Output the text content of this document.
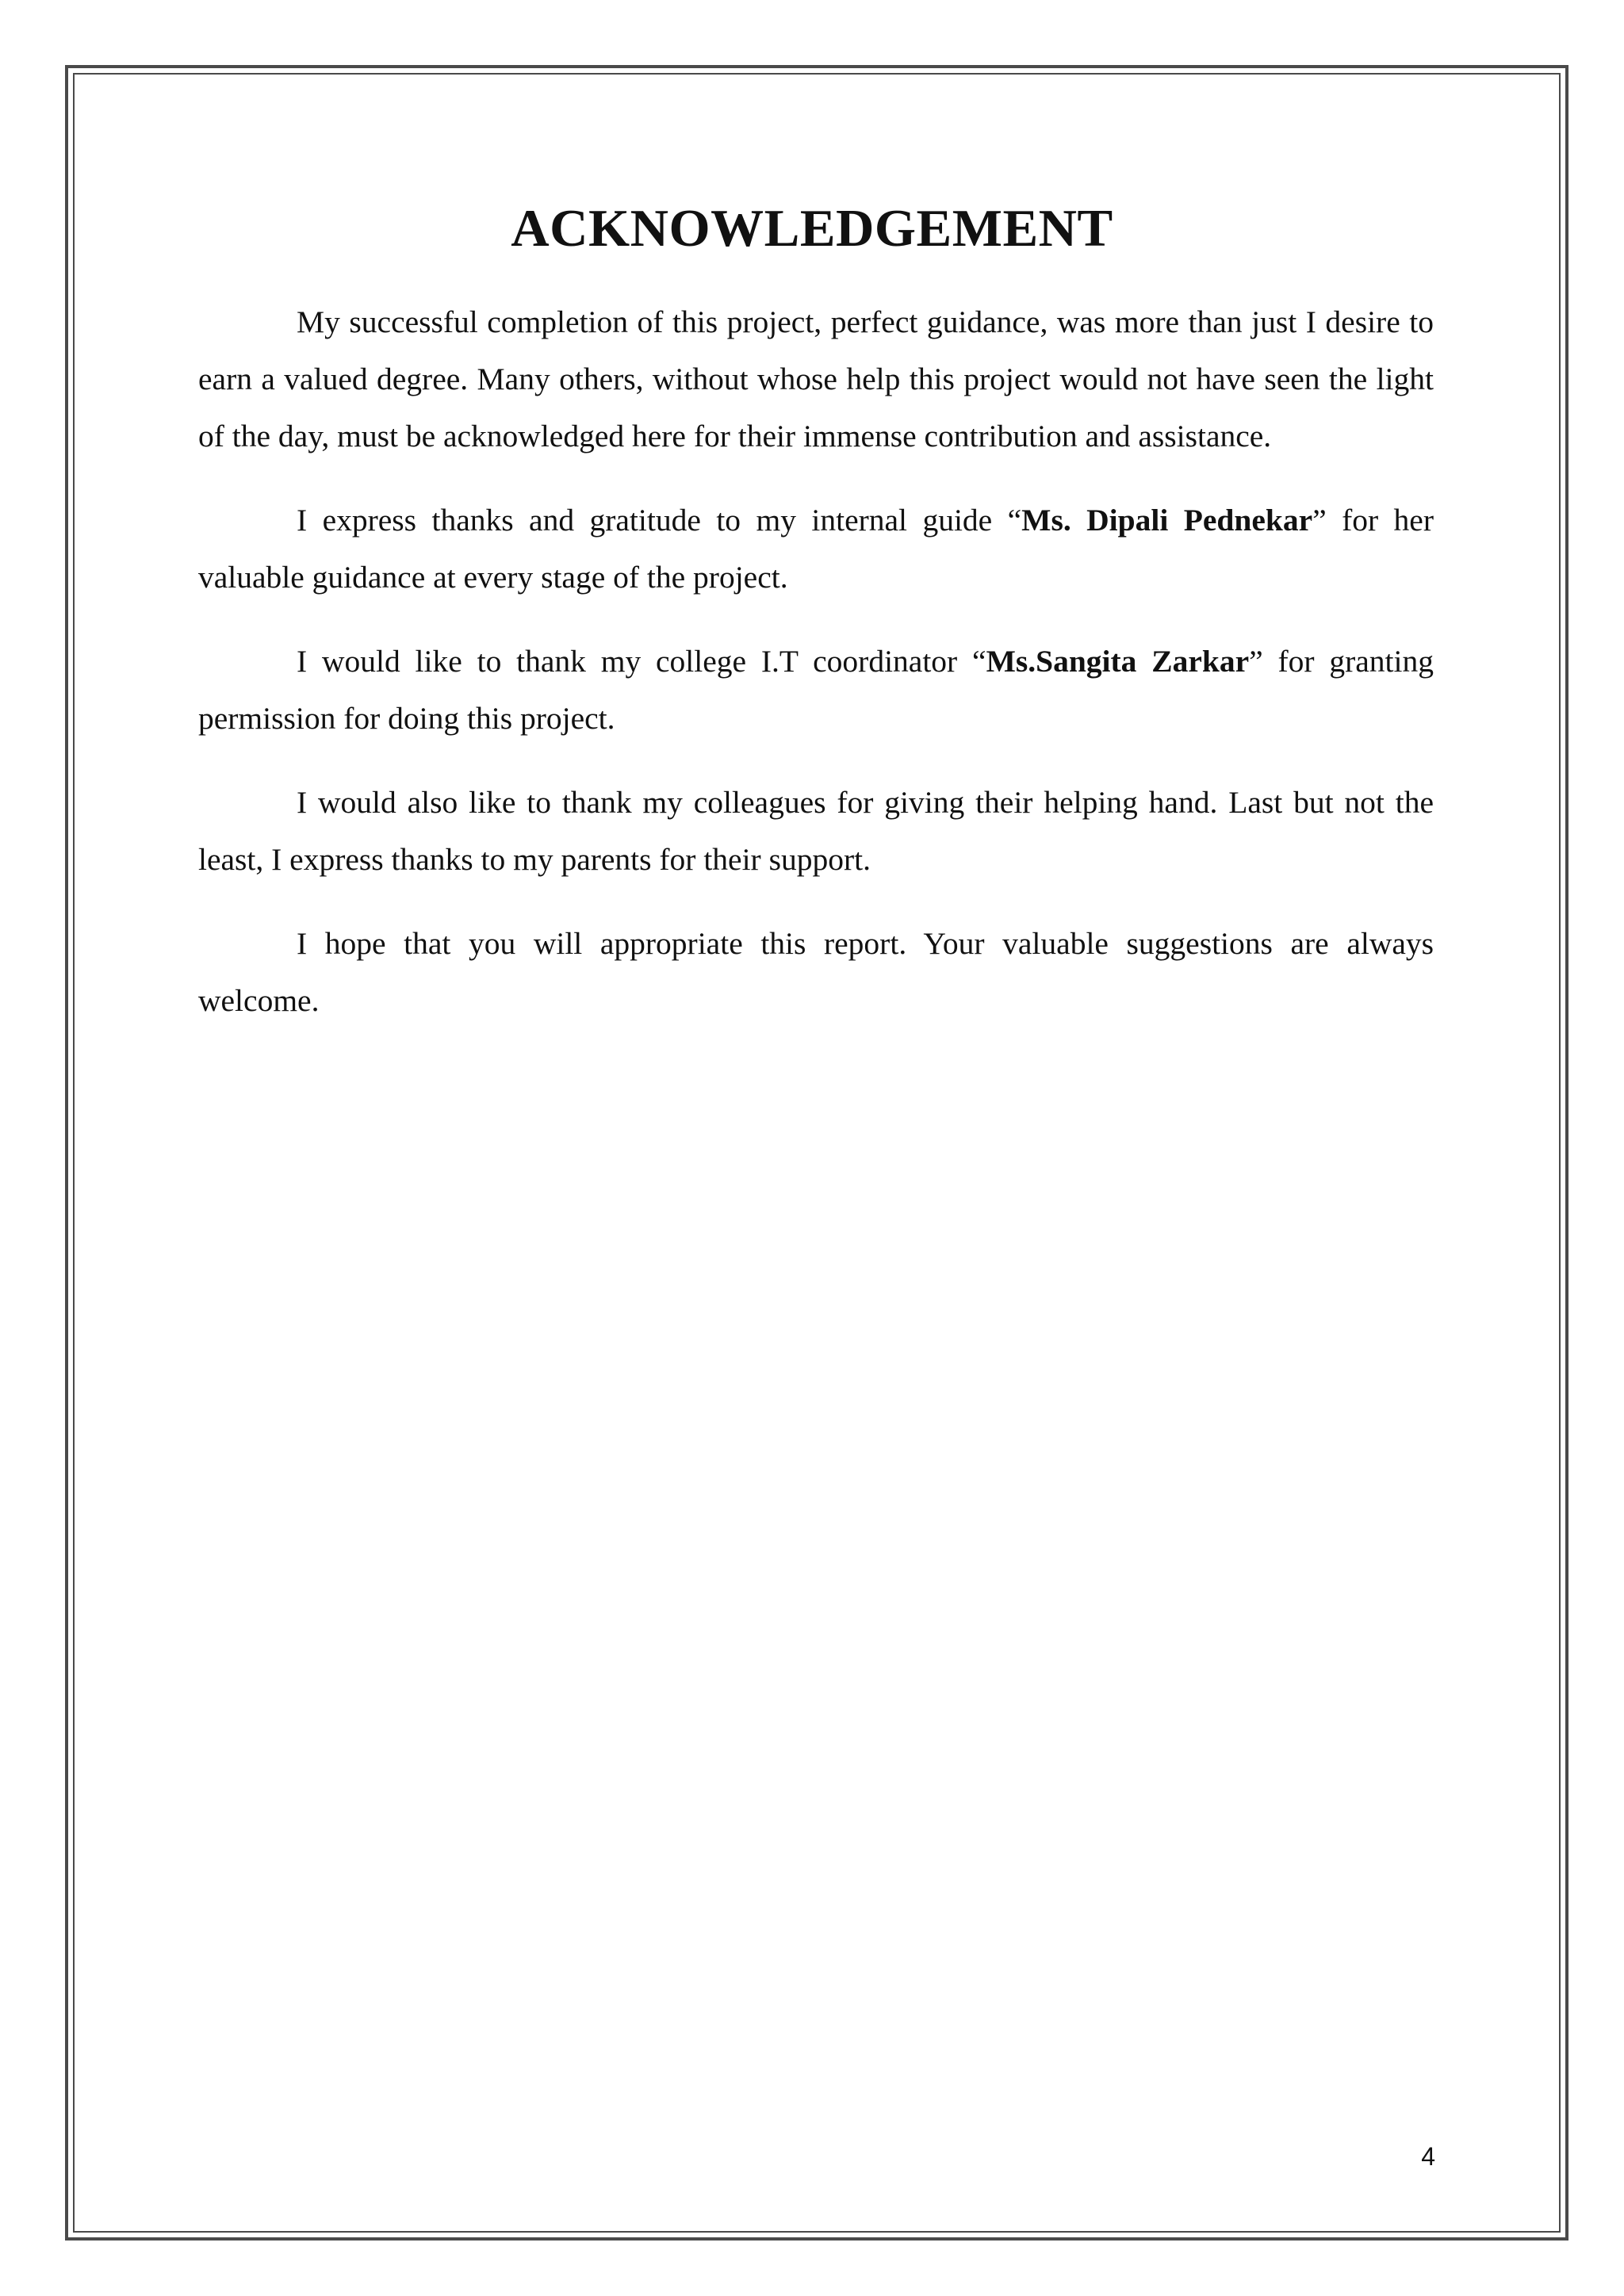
ACKNOWLEDGEMENT

My successful completion of this project, perfect guidance, was more than just I desire to earn a valued degree. Many others, without whose help this project would not have seen the light of the day, must be acknowledged here for their immense contribution and assistance.

I express thanks and gratitude to my internal guide “Ms. Dipali Pednekar” for her valuable guidance at every stage of the project.

I would like to thank my college I.T coordinator “Ms.Sangita Zarkar” for granting permission for doing this project.

I would also like to thank my colleagues for giving their helping hand. Last but not the least, I express thanks to my parents for their support.

I hope that you will appropriate this report. Your valuable suggestions are always welcome.

4
